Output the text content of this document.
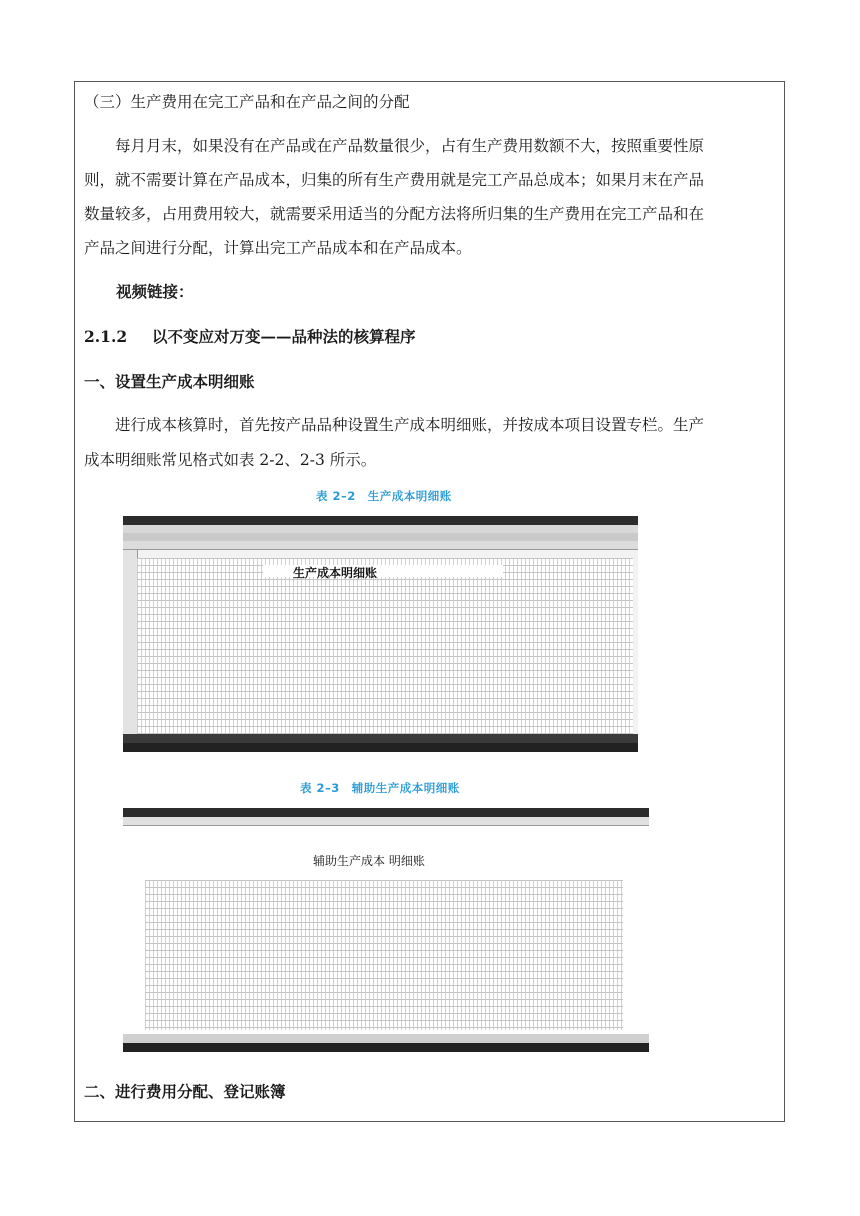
（三）生产费用在完工产品和在产品之间的分配
每月月末，如果没有在产品或在产品数量很少，占有生产费用数额不大，按照重要性原
则，就不需要计算在产品成本，归集的所有生产费用就是完工产品总成本；如果月末在产品
数量较多，占用费用较大，就需要采用适当的分配方法将所归集的生产费用在完工产品和在
产品之间进行分配，计算出完工产品成本和在产品成本。
视频链接：
2.1.2 以不变应对万变——品种法的核算程序
一、设置生产成本明细账
进行成本核算时，首先按产品品种设置生产成本明细账，并按成本项目设置专栏。生产
成本明细账常见格式如表 2-2、2-3 所示。
表 2–2　生产成本明细账
生产成本明细账
表 2–3　辅助生产成本明细账
辅助生产成本 明细账
二、进行费用分配、登记账簿
